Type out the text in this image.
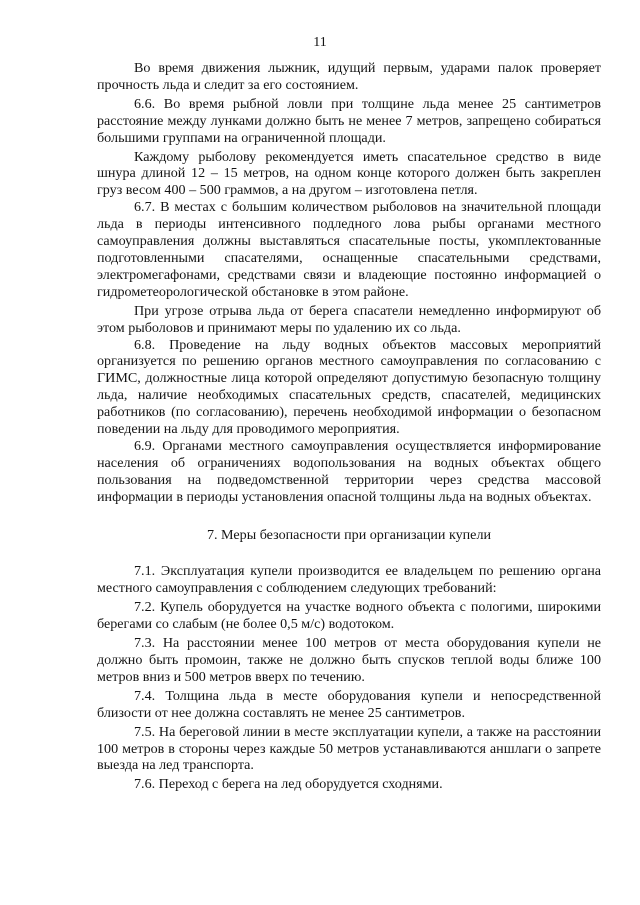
11

Во время движения лыжник, идущий первым, ударами палок проверяет прочность льда и следит за его состоянием.

6.6. Во время рыбной ловли при толщине льда менее 25 сантиметров расстояние между лунками должно быть не менее 7 метров, запрещено собираться большими группами на ограниченной площади.

Каждому рыболову рекомендуется иметь спасательное средство в виде шнура длиной 12 – 15 метров, на одном конце которого должен быть закреплен груз весом 400 – 500 граммов, а на другом – изготовлена петля.

6.7. В местах с большим количеством рыболовов на значительной площади льда в периоды интенсивного подледного лова рыбы органами местного самоуправления должны выставляться спасательные посты, укомплектованные подготовленными спасателями, оснащенные спасательными средствами, электромегафонами, средствами связи и владеющие постоянно информацией о гидрометеорологической обстановке в этом районе.

При угрозе отрыва льда от берега спасатели немедленно информируют об этом рыболовов и принимают меры по удалению их со льда.

6.8. Проведение на льду водных объектов массовых мероприятий организуется по решению органов местного самоуправления по согласованию с ГИМС, должностные лица которой определяют допустимую безопасную толщину льда, наличие необходимых спасательных средств, спасателей, медицинских работников (по согласованию), перечень необходимой информации о безопасном поведении на льду для проводимого мероприятия.

6.9. Органами местного самоуправления осуществляется информирование населения об ограничениях водопользования на водных объектах общего пользования на подведомственной территории через средства массовой информации в периоды установления опасной толщины льда на водных объектах.

7. Меры безопасности при организации купели

7.1. Эксплуатация купели производится ее владельцем по решению органа местного самоуправления с соблюдением следующих требований:

7.2. Купель оборудуется на участке водного объекта с пологими, широкими берегами со слабым (не более 0,5 м/с) водотоком.

7.3. На расстоянии менее 100 метров от места оборудования купели не должно быть промоин, также не должно быть спусков теплой воды ближе 100 метров вниз и 500 метров вверх по течению.

7.4. Толщина льда в месте оборудования купели и непосредственной близости от нее должна составлять не менее 25 сантиметров.

7.5. На береговой линии в месте эксплуатации купели, а также на расстоянии 100 метров в стороны через каждые 50 метров устанавливаются аншлаги о запрете выезда на лед транспорта.

7.6. Переход с берега на лед оборудуется сходнями.
